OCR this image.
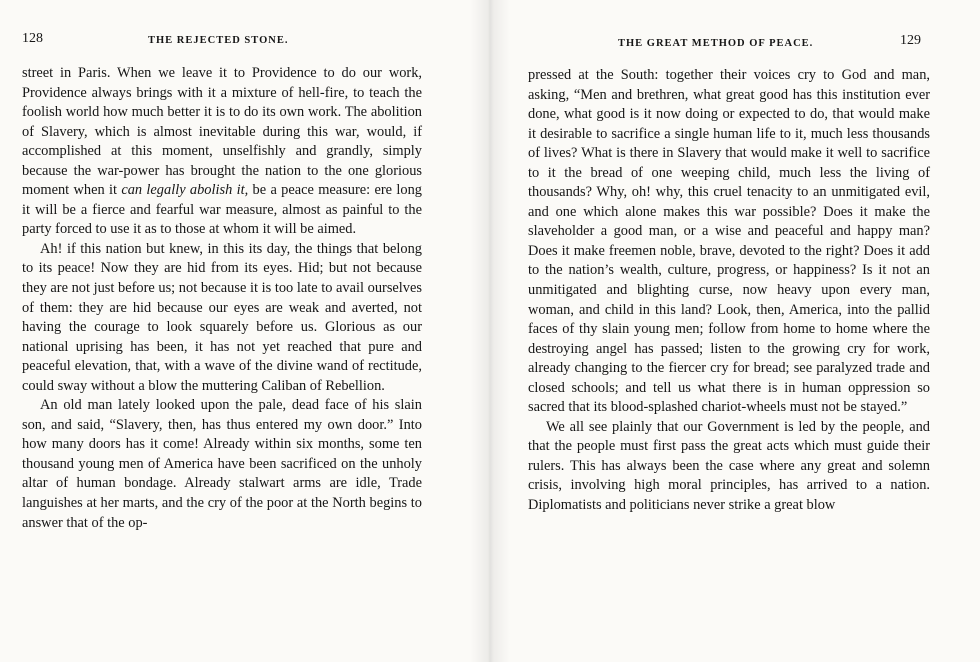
128	THE REJECTED STONE.

street in Paris. When we leave it to Providence to do our work, Providence always brings with it a mixture of hell-fire, to teach the foolish world how much better it is to do its own work. The abolition of Slavery, which is almost inevitable during this war, would, if accomplished at this moment, unselfishly and grandly, simply because the war-power has brought the nation to the one glorious moment when it can legally abolish it, be a peace measure: ere long it will be a fierce and fearful war measure, almost as painful to the party forced to use it as to those at whom it will be aimed.

Ah! if this nation but knew, in this its day, the things that belong to its peace! Now they are hid from its eyes. Hid; but not because they are not just before us; not because it is too late to avail ourselves of them: they are hid because our eyes are weak and averted, not having the courage to look squarely before us. Glorious as our national uprising has been, it has not yet reached that pure and peaceful elevation, that, with a wave of the divine wand of rectitude, could sway without a blow the muttering Caliban of Rebellion.

An old man lately looked upon the pale, dead face of his slain son, and said, “Slavery, then, has thus entered my own door.” Into how many doors has it come! Already within six months, some ten thousand young men of America have been sacrificed on the unholy altar of human bondage. Already stalwart arms are idle, Trade languishes at her marts, and the cry of the poor at the North begins to answer that of the op-

THE GREAT METHOD OF PEACE.	129

pressed at the South: together their voices cry to God and man, asking, “Men and brethren, what great good has this institution ever done, what good is it now doing or expected to do, that would make it desirable to sacrifice a single human life to it, much less thousands of lives? What is there in Slavery that would make it well to sacrifice to it the bread of one weeping child, much less the living of thousands? Why, oh! why, this cruel tenacity to an unmitigated evil, and one which alone makes this war possible? Does it make the slaveholder a good man, or a wise and peaceful and happy man? Does it make freemen noble, brave, devoted to the right? Does it add to the nation’s wealth, culture, progress, or happiness? Is it not an unmitigated and blighting curse, now heavy upon every man, woman, and child in this land? Look, then, America, into the pallid faces of thy slain young men; follow from home to home where the destroying angel has passed; listen to the growing cry for work, already changing to the fiercer cry for bread; see paralyzed trade and closed schools; and tell us what there is in human oppression so sacred that its blood-splashed chariot-wheels must not be stayed.”

We all see plainly that our Government is led by the people, and that the people must first pass the great acts which must guide their rulers. This has always been the case where any great and solemn crisis, involving high moral principles, has arrived to a nation. Diplomatists and politicians never strike a great blow
